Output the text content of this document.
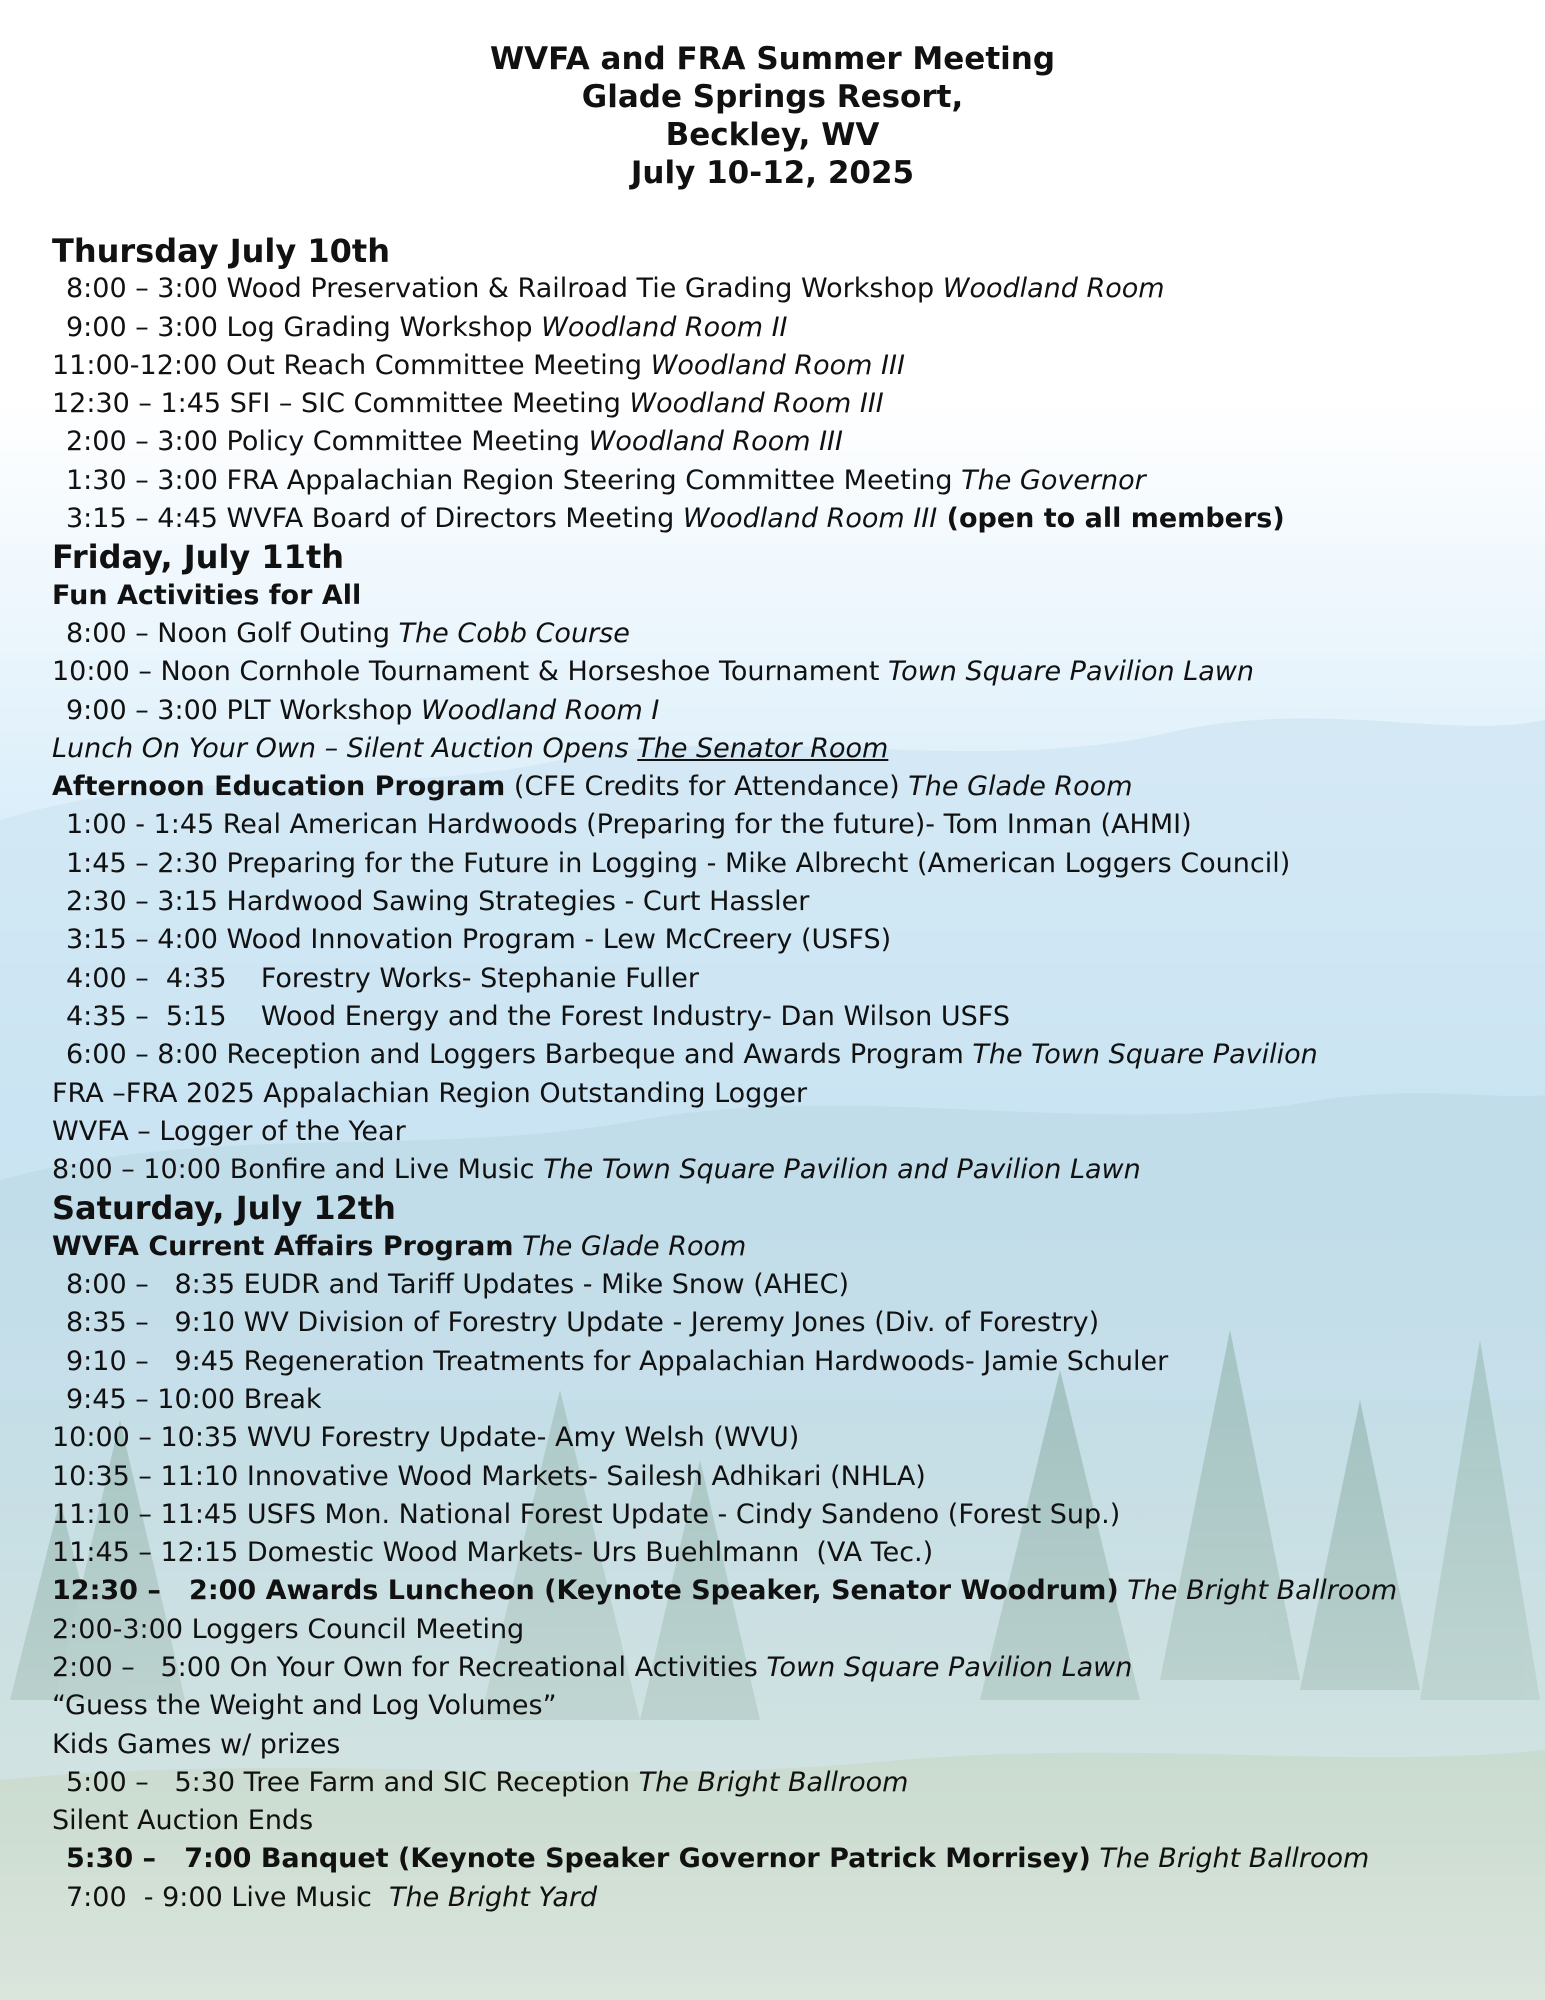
WVFA and FRA Summer Meeting
Glade Springs Resort,
Beckley, WV
July 10-12, 2025
Thursday July 10th
8:00 – 3:00 Wood Preservation & Railroad Tie Grading Workshop Woodland Room
9:00 – 3:00 Log Grading Workshop Woodland Room II
11:00-12:00 Out Reach Committee Meeting Woodland Room III
12:30 – 1:45 SFI – SIC Committee Meeting Woodland Room III
2:00 – 3:00 Policy Committee Meeting Woodland Room III
1:30 – 3:00 FRA Appalachian Region Steering Committee Meeting The Governor
3:15 – 4:45 WVFA Board of Directors Meeting Woodland Room III (open to all members)
Friday, July 11th
Fun Activities for All
8:00 – Noon Golf Outing The Cobb Course
10:00 – Noon Cornhole Tournament & Horseshoe Tournament Town Square Pavilion Lawn
9:00 – 3:00 PLT Workshop Woodland Room I
Lunch On Your Own – Silent Auction Opens The Senator Room
Afternoon Education Program (CFE Credits for Attendance) The Glade Room
1:00 - 1:45 Real American Hardwoods (Preparing for the future)- Tom Inman (AHMI)
1:45 – 2:30 Preparing for the Future in Logging - Mike Albrecht (American Loggers Council)
2:30 – 3:15 Hardwood Sawing Strategies - Curt Hassler
3:15 – 4:00 Wood Innovation Program - Lew McCreery (USFS)
4:00 –  4:35    Forestry Works- Stephanie Fuller
4:35 –  5:15    Wood Energy and the Forest Industry- Dan Wilson USFS
6:00 – 8:00 Reception and Loggers Barbeque and Awards Program The Town Square Pavilion
FRA –FRA 2025 Appalachian Region Outstanding Logger
WVFA – Logger of the Year
8:00 – 10:00 Bonfire and Live Music The Town Square Pavilion and Pavilion Lawn
Saturday, July 12th
WVFA Current Affairs Program The Glade Room
8:00 –   8:35 EUDR and Tariff Updates - Mike Snow (AHEC)
8:35 –   9:10 WV Division of Forestry Update - Jeremy Jones (Div. of Forestry)
9:10 –   9:45 Regeneration Treatments for Appalachian Hardwoods- Jamie Schuler
9:45 – 10:00 Break
10:00 – 10:35 WVU Forestry Update- Amy Welsh (WVU)
10:35 – 11:10 Innovative Wood Markets- Sailesh Adhikari (NHLA)
11:10 – 11:45 USFS Mon. National Forest Update - Cindy Sandeno (Forest Sup.)
11:45 – 12:15 Domestic Wood Markets- Urs Buehlmann  (VA Tec.)
12:30 –   2:00 Awards Luncheon (Keynote Speaker, Senator Woodrum) The Bright Ballroom
2:00-3:00 Loggers Council Meeting
2:00 –   5:00 On Your Own for Recreational Activities Town Square Pavilion Lawn
“Guess the Weight and Log Volumes”
Kids Games w/ prizes
5:00 –   5:30 Tree Farm and SIC Reception The Bright Ballroom
Silent Auction Ends
5:30 –   7:00 Banquet (Keynote Speaker Governor Patrick Morrisey) The Bright Ballroom
7:00  - 9:00 Live Music  The Bright Yard
